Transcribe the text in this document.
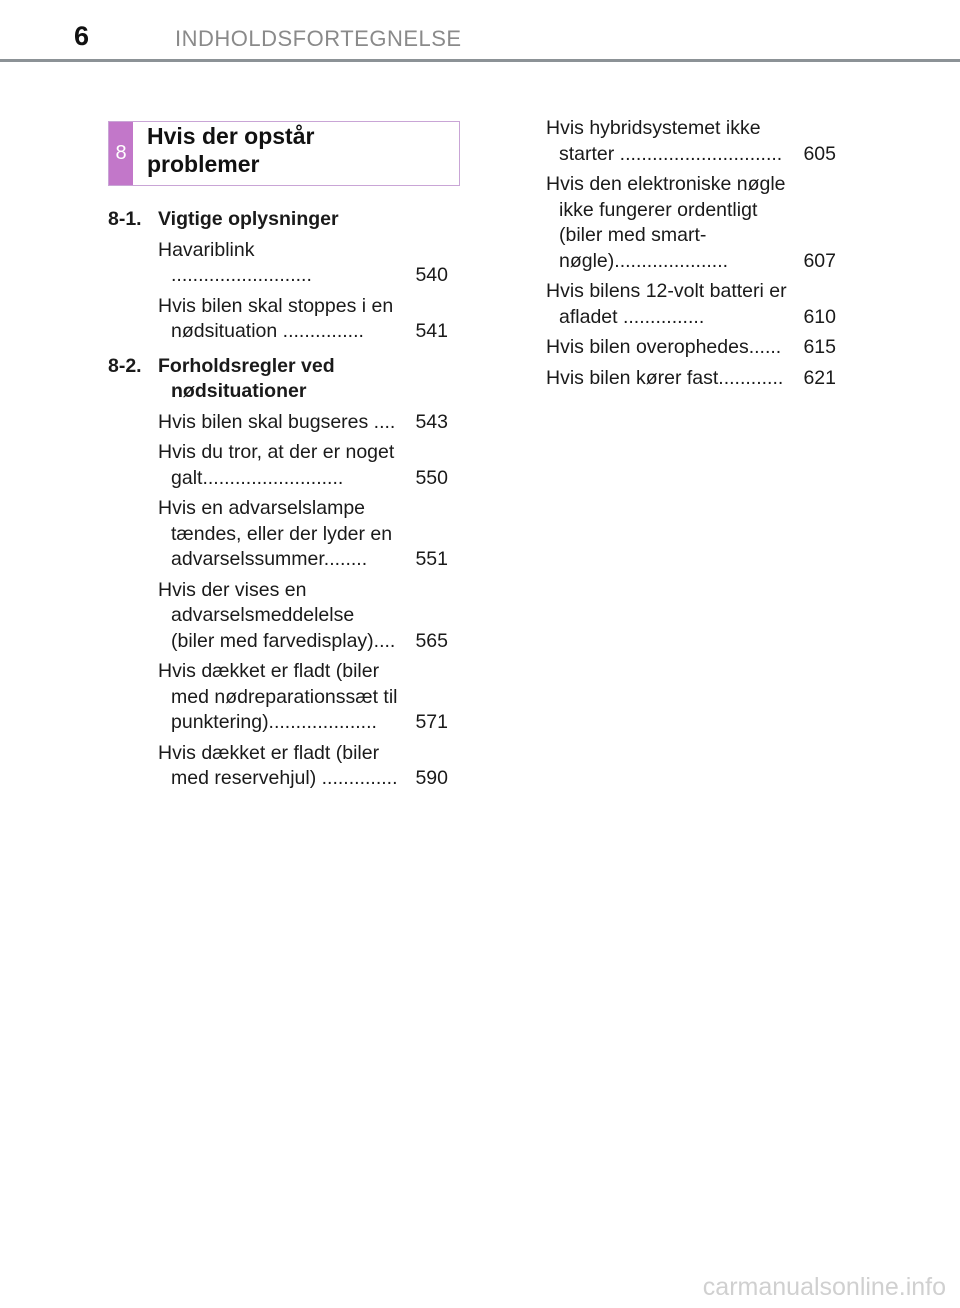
6	INDHOLDSFORTEGNELSE
8
Hvis der opstår
problemer
8-1. Vigtige oplysninger
Havariblink ..........................	540
Hvis bilen skal stoppes i en nødsituation ...............	541
8-2. Forholdsregler ved nødsituationer
Hvis bilen skal bugseres ....	543
Hvis du tror, at der er noget galt..........................	550
Hvis en advarselslampe tændes, eller der lyder en advarselssummer........	551
Hvis der vises en advarselsmeddelelse (biler med farvedisplay)....	565
Hvis dækket er fladt (biler med nødreparationssæt til punktering)....................	571
Hvis dækket er fladt (biler med reservehjul) .............. 590
Hvis hybridsystemet ikke starter ..............................	605
Hvis den elektroniske nøgle ikke fungerer ordentligt (biler med smart-nøgle).....................	607
Hvis bilens 12-volt batteri er afladet ...............	610
Hvis bilen overophedes......	615
Hvis bilen kører fast............	621
carmanualsonline.info
